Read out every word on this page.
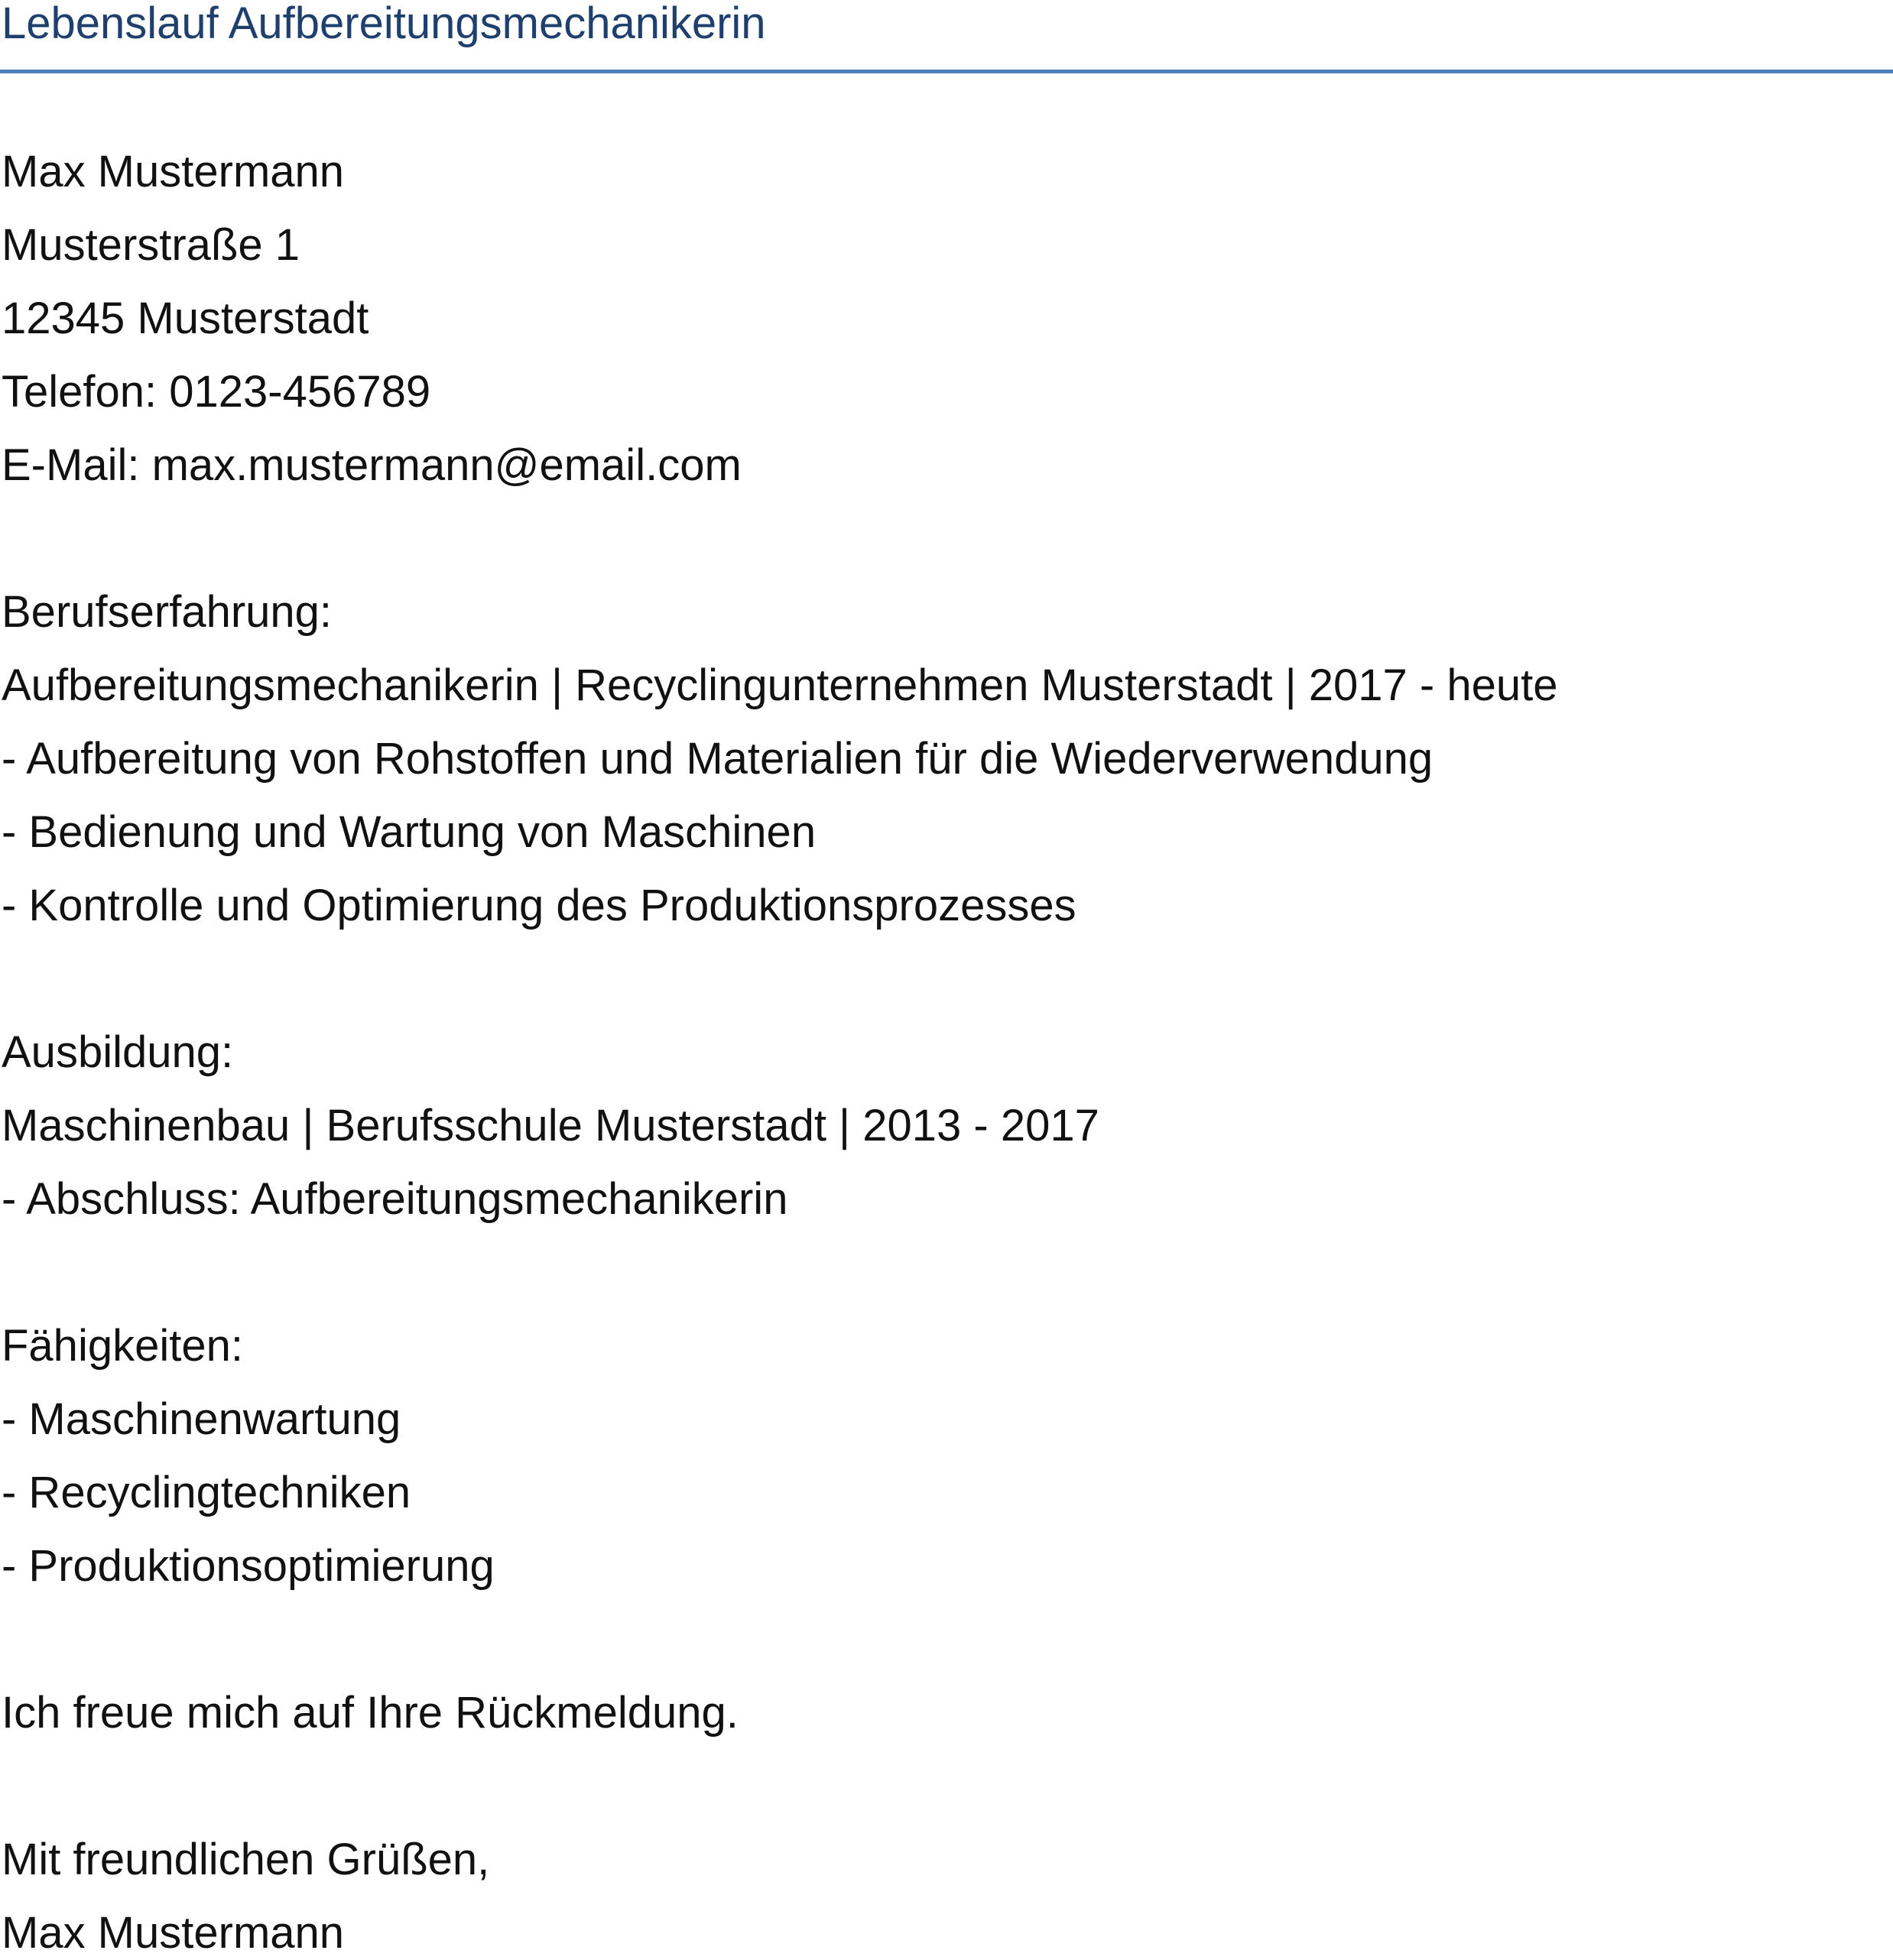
Lebenslauf Aufbereitungsmechanikerin
Max Mustermann
Musterstraße 1
12345 Musterstadt
Telefon: 0123-456789
E-Mail: max.mustermann@email.com
Berufserfahrung:
Aufbereitungsmechanikerin | Recyclingunternehmen Musterstadt | 2017 - heute
- Aufbereitung von Rohstoffen und Materialien für die Wiederverwendung
- Bedienung und Wartung von Maschinen
- Kontrolle und Optimierung des Produktionsprozesses
Ausbildung:
Maschinenbau | Berufsschule Musterstadt | 2013 - 2017
- Abschluss: Aufbereitungsmechanikerin
Fähigkeiten:
- Maschinenwartung
- Recyclingtechniken
- Produktionsoptimierung
Ich freue mich auf Ihre Rückmeldung.
Mit freundlichen Grüßen,
Max Mustermann
